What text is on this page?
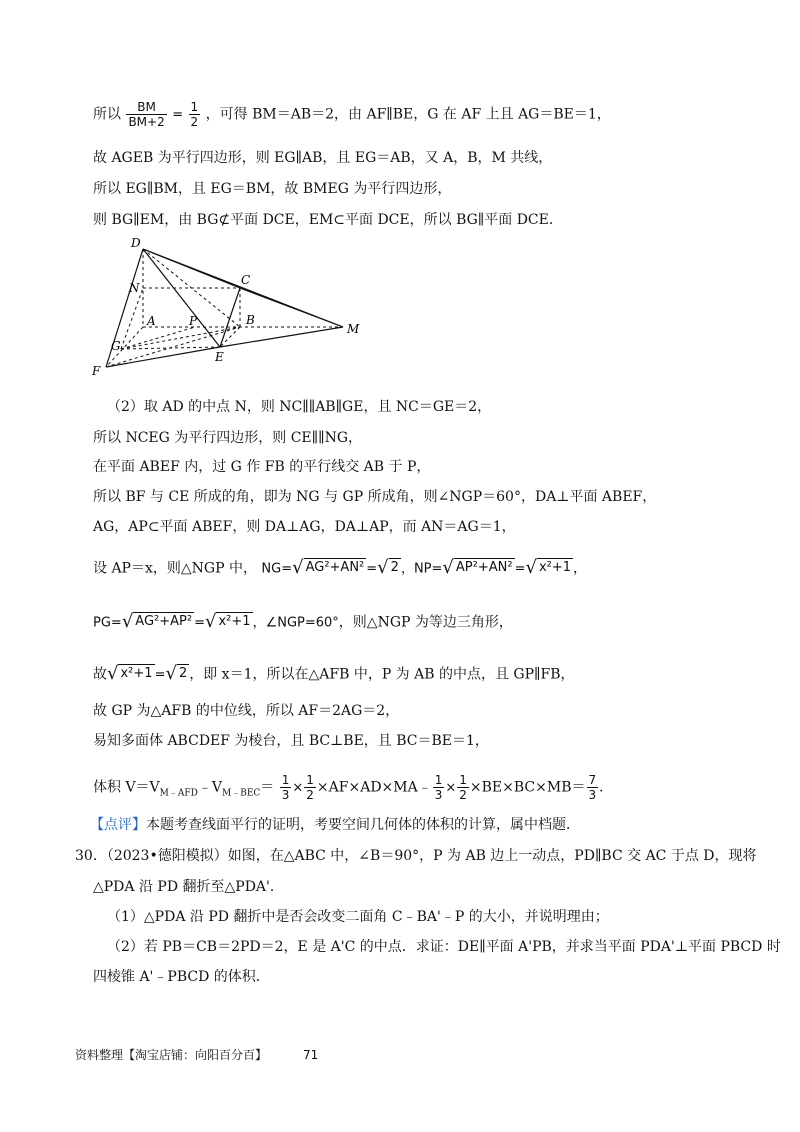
所以 $\frac{BM}{BM+2} = \frac{1}{2}$ ，可得 BM＝AB＝2，由 AF∥BE，G 在 AF 上且 AG＝BE＝1，
故 AGEB 为平行四边形，则 EG∥AB，且 EG＝AB，又 A，B，M 共线，
所以 EG∥BM，且 EG＝BM，故 BMEG 为平行四边形，
则 BG∥EM，由 BG⊄平面 DCE，EM⊂平面 DCE，所以 BG∥平面 DCE．
D
C
N
A	P	B
M
G
E
F
（2）取 AD 的中点 N，则 NC∥∥AB∥GE，且 NC＝GE＝2，
所以 NCEG 为平行四边形，则 CE∥∥NG，
在平面 ABEF 内，过 G 作 FB 的平行线交 AB 于 P，
所以 BF 与 CE 所成的角，即为 NG 与 GP 所成角，则∠NGP＝60°，DA⊥平面 ABEF，
AG，AP⊂平面 ABEF，则 DA⊥AG，DA⊥AP，而 AN＝AG＝1，
设 AP＝x，则△NGP 中， NG=√ AG²+AN² =√ 2 ，NP=√ AP²+AN² =√ x²+1 ，
PG=√ AG²+AP² =√ x²+1 ，∠NGP=60°，则△NGP 为等边三角形，
故√ x²+1 =√ 2 ，即 x＝1，所以在△AFB 中，P 为 AB 的中点，且 GP∥FB，
故 GP 为△AFB 的中位线，所以 AF＝2AG＝2，
易知多面体 ABCDEF 为棱台，且 BC⊥BE，且 BC＝BE＝1，
体积 $V=V_{M﹣AFD}﹣V_{M﹣BEC}= \frac{1}{3} \times \frac{1}{2}$ ×AF×AD×MA﹣ $\frac{1}{3} \times \frac{1}{2} \times BE\times BC\times MB= \frac{7}{3}$ ．
【点评】本题考查线面平行的证明，考要空间几何体的体积的计算，属中档题．
30．（2023•德阳模拟）如图，在△ABC 中，∠B＝90°，P 为 AB 边上一动点，PD∥BC 交 AC 于点 D，现将
△PDA 沿 PD 翻折至△PDA'．
（1）△PDA 沿 PD 翻折中是否会改变二面角 C﹣BA'﹣P 的大小，并说明理由；
（2）若 PB＝CB＝2PD＝2，E 是 A'C 的中点．求证：DE∥平面 A'PB，并求当平面 PDA'⊥平面 PBCD 时
四棱锥 A'﹣PBCD 的体积．
资料整理【淘宝店铺：向阳百分百】	71
